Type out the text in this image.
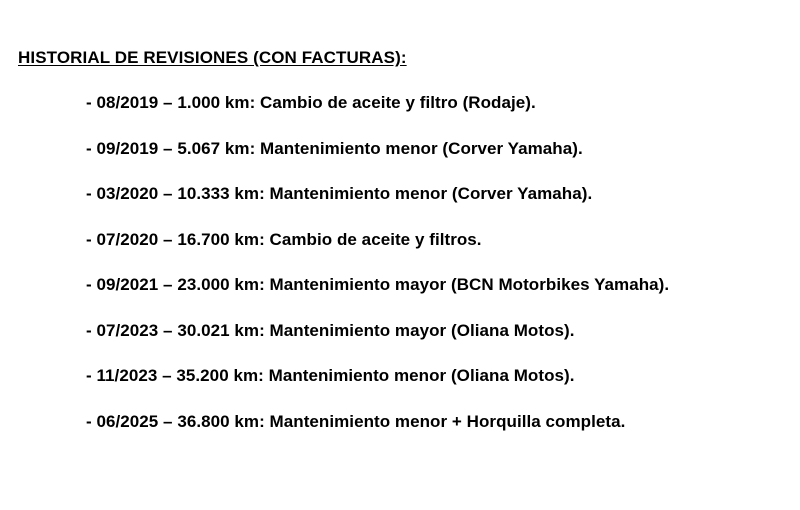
HISTORIAL DE REVISIONES (CON FACTURAS):
- 08/2019 – 1.000 km: Cambio de aceite y filtro (Rodaje).
- 09/2019 – 5.067 km: Mantenimiento menor (Corver Yamaha).
- 03/2020 – 10.333 km: Mantenimiento menor (Corver Yamaha).
- 07/2020 – 16.700 km: Cambio de aceite y filtros.
- 09/2021 – 23.000 km: Mantenimiento mayor (BCN Motorbikes Yamaha).
- 07/2023 – 30.021 km: Mantenimiento mayor (Oliana Motos).
- 11/2023 – 35.200 km: Mantenimiento menor (Oliana Motos).
- 06/2025 – 36.800 km: Mantenimiento menor + Horquilla completa.
